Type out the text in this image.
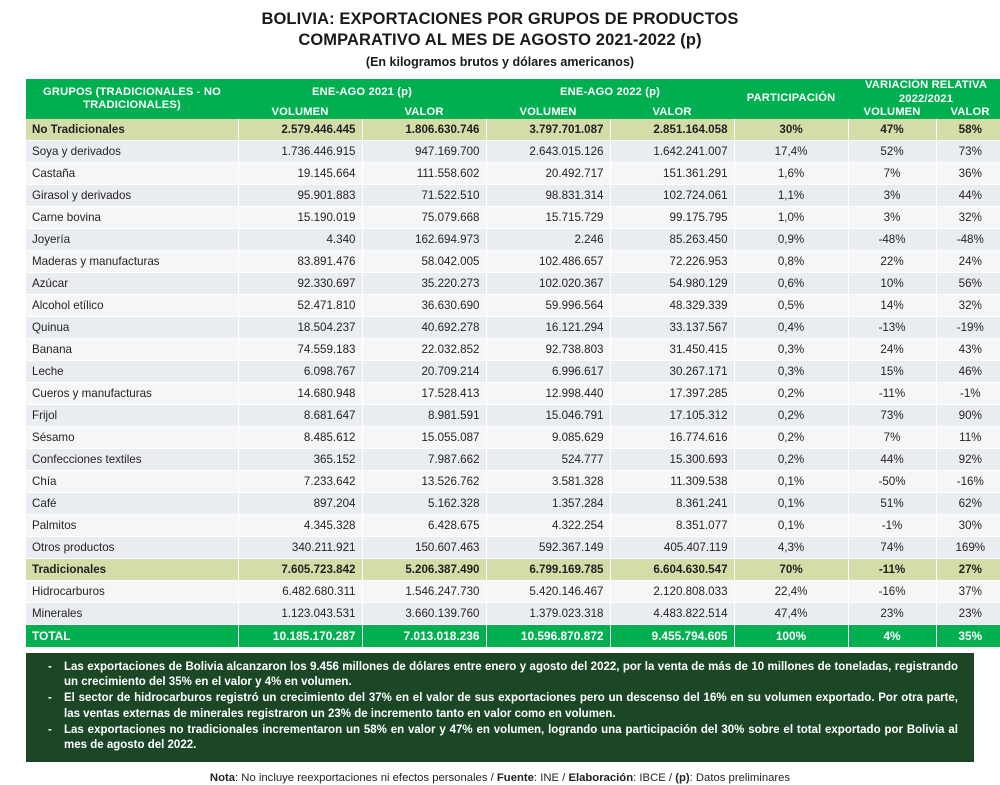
BOLIVIA: EXPORTACIONES POR GRUPOS DE PRODUCTOS
COMPARATIVO AL MES DE AGOSTO 2021-2022 (p)
(En kilogramos brutos y dólares americanos)
GRUPOS (TRADICIONALES - NO TRADICIONALES)	ENE-AGO 2021 (p)		ENE-AGO 2022 (p)		PARTICIPACIÓN	VARIACIÓN RELATIVA 2022/2021	
	VOLUMEN	VALOR	VOLUMEN	VALOR		VOLUMEN	VALOR
No Tradicionales	2.579.446.445	1.806.630.746	3.797.701.087	2.851.164.058	30%	47%	58%
Soya y derivados	1.736.446.915	947.169.700	2.643.015.126	1.642.241.007	17,4%	52%	73%
Castaña	19.145.664	111.558.602	20.492.717	151.361.291	1,6%	7%	36%
Girasol y derivados	95.901.883	71.522.510	98.831.314	102.724.061	1,1%	3%	44%
Carne bovina	15.190.019	75.079.668	15.715.729	99.175.795	1,0%	3%	32%
Joyería	4.340	162.694.973	2.246	85.263.450	0,9%	-48%	-48%
Maderas y manufacturas	83.891.476	58.042.005	102.486.657	72.226.953	0,8%	22%	24%
Azúcar	92.330.697	35.220.273	102.020.367	54.980.129	0,6%	10%	56%
Alcohol etílico	52.471.810	36.630.690	59.996.564	48.329.339	0,5%	14%	32%
Quinua	18.504.237	40.692.278	16.121.294	33.137.567	0,4%	-13%	-19%
Banana	74.559.183	22.032.852	92.738.803	31.450.415	0,3%	24%	43%
Leche	6.098.767	20.709.214	6.996.617	30.267.171	0,3%	15%	46%
Cueros y manufacturas	14.680.948	17.528.413	12.998.440	17.397.285	0,2%	-11%	-1%
Frijol	8.681.647	8.981.591	15.046.791	17.105.312	0,2%	73%	90%
Sésamo	8.485.612	15.055.087	9.085.629	16.774.616	0,2%	7%	11%
Confecciones textiles	365.152	7.987.662	524.777	15.300.693	0,2%	44%	92%
Chía	7.233.642	13.526.762	3.581.328	11.309.538	0,1%	-50%	-16%
Café	897.204	5.162.328	1.357.284	8.361.241	0,1%	51%	62%
Palmitos	4.345.328	6.428.675	4.322.254	8.351.077	0,1%	-1%	30%
Otros productos	340.211.921	150.607.463	592.367.149	405.407.119	4,3%	74%	169%
Tradicionales	7.605.723.842	5.206.387.490	6.799.169.785	6.604.630.547	70%	-11%	27%
Hidrocarburos	6.482.680.311	1.546.247.730	5.420.146.467	2.120.808.033	22,4%	-16%	37%
Minerales	1.123.043.531	3.660.139.760	1.379.023.318	4.483.822.514	47,4%	23%	23%
TOTAL	10.185.170.287	7.013.018.236	10.596.870.872	9.455.794.605	100%	4%	35%
-	Las exportaciones de Bolivia alcanzaron los 9.456 millones de dólares entre enero y agosto del 2022, por la venta de más de 10 millones de toneladas, registrando un crecimiento del 35% en el valor y 4% en volumen.
-	El sector de hidrocarburos registró un crecimiento del 37% en el valor de sus exportaciones pero un descenso del 16% en su volumen exportado. Por otra parte, las ventas externas de minerales registraron un 23% de incremento tanto en valor como en volumen.
-	Las exportaciones no tradicionales incrementaron un 58% en valor y 47% en volumen, logrando una participación del 30% sobre el total exportado por Bolivia al mes de agosto del 2022.
Nota: No incluye reexportaciones ni efectos personales / Fuente: INE / Elaboración: IBCE / (p): Datos preliminares
